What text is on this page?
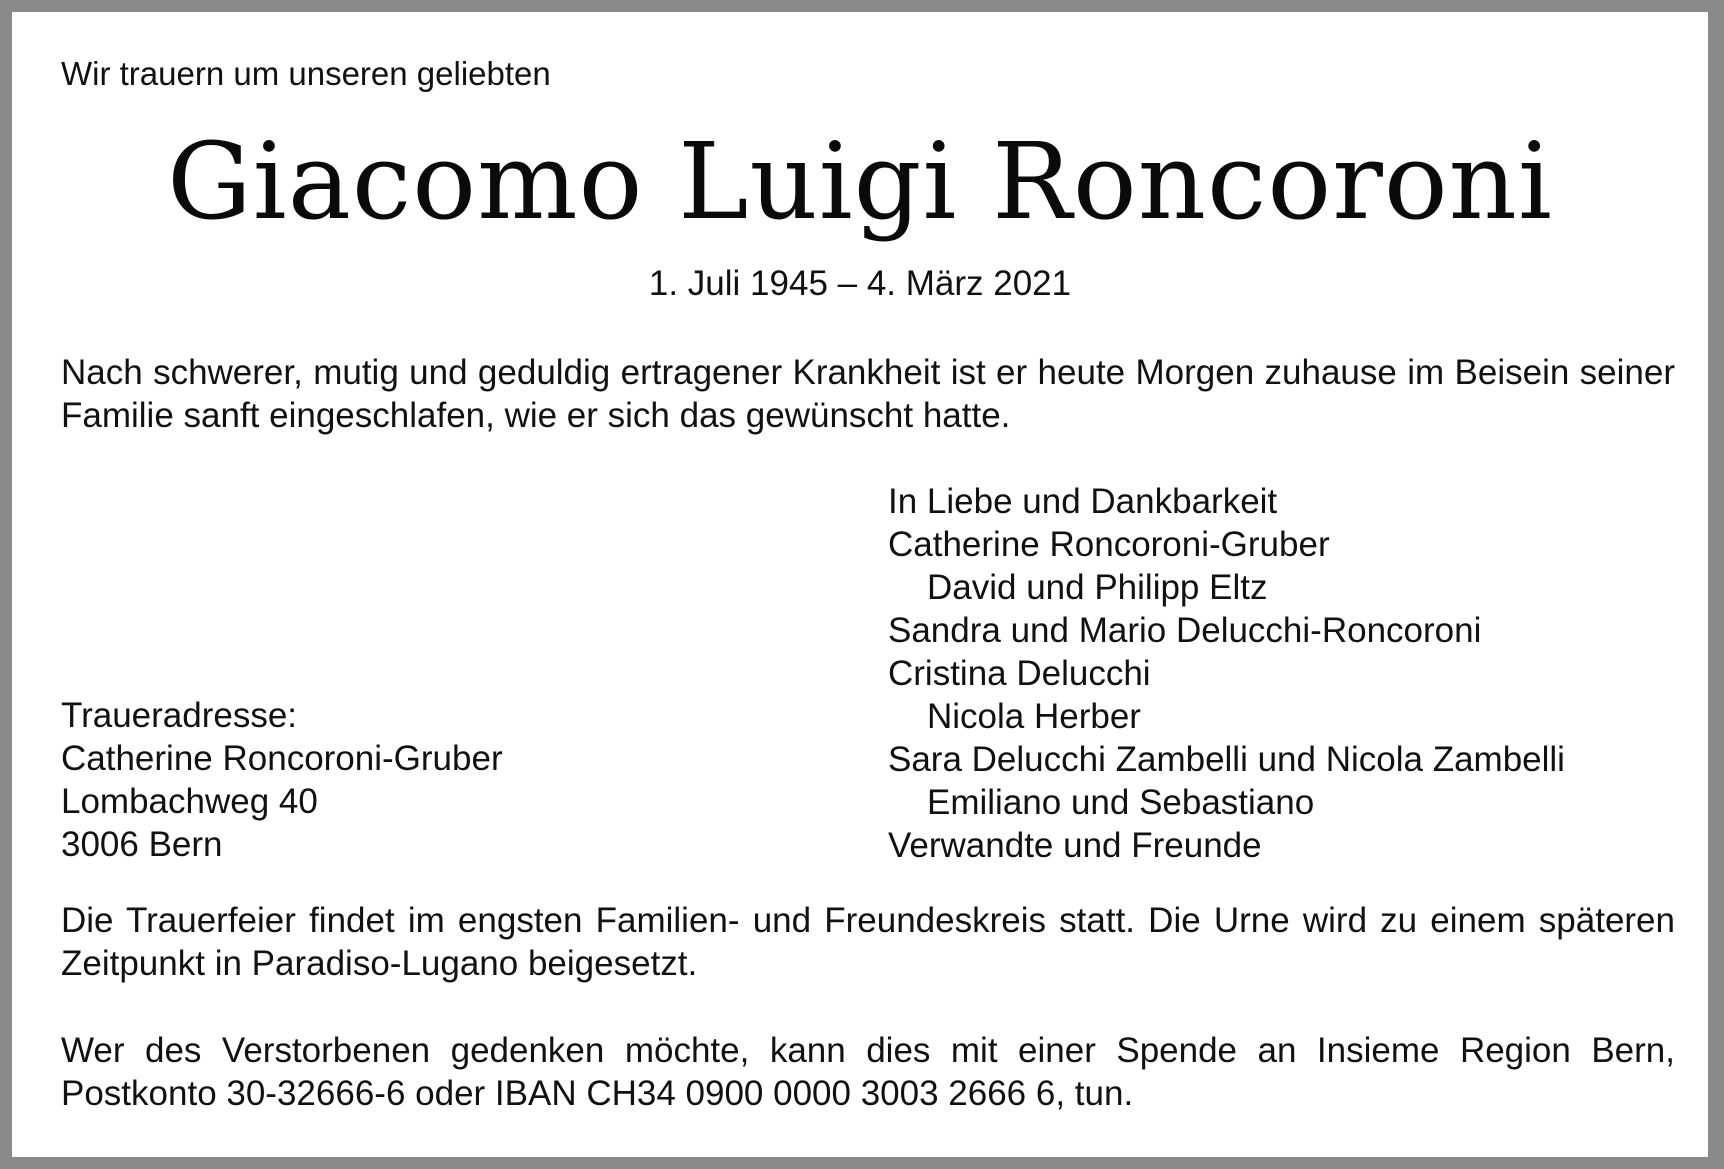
Wir trauern um unseren geliebten
Giacomo Luigi Roncoroni
1. Juli 1945 – 4. März 2021

Nach schwerer, mutig und geduldig ertragener Krankheit ist er heute Morgen zuhause im Beisein seiner Familie sanft eingeschlafen, wie er sich das gewünscht hatte.

Traueradresse:
Catherine Roncoroni-Gruber
Lombachweg 40
3006 Bern
In Liebe und Dankbarkeit
Catherine Roncoroni-Gruber
David und Philipp Eltz
Sandra und Mario Delucchi-Roncoroni
Cristina Delucchi
Nicola Herber
Sara Delucchi Zambelli und Nicola Zambelli
Emiliano und Sebastiano
Verwandte und Freunde

Die Trauerfeier findet im engsten Familien- und Freundeskreis statt. Die Urne wird zu einem späteren Zeitpunkt in Paradiso-Lugano beigesetzt.

Wer des Verstorbenen gedenken möchte, kann dies mit einer Spende an Insieme Region Bern, Postkonto 30-32666-6 oder IBAN CH34 0900 0000 3003 2666 6, tun.
